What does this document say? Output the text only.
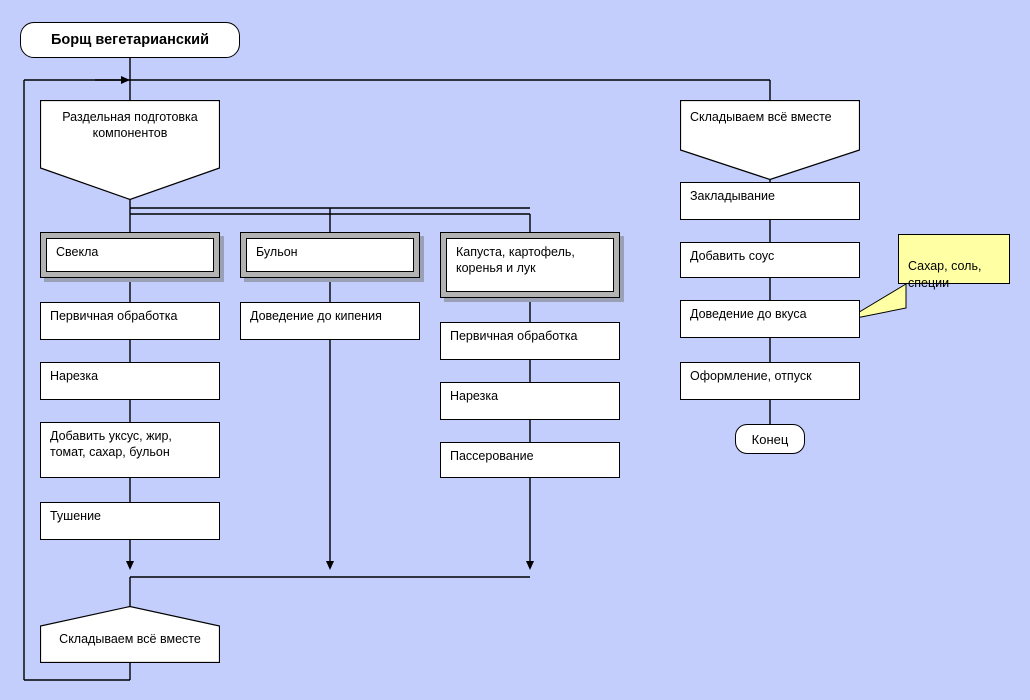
Борщ вегетарианский
Раздельная подготовка компонентов
Складываем всё вместе
Свекла	Бульон	Капуста, картофель, коренья и лук
Первичная обработка
Нарезка
Добавить уксус, жир, томат, сахар, бульон
Тушение
Доведение до кипения
Первичная обработка
Нарезка
Пассерование
Складываем всё вместе
Закладывание
Добавить соус
Доведение до вкуса
Оформление, отпуск
Конец

Сахар, соль, специи
